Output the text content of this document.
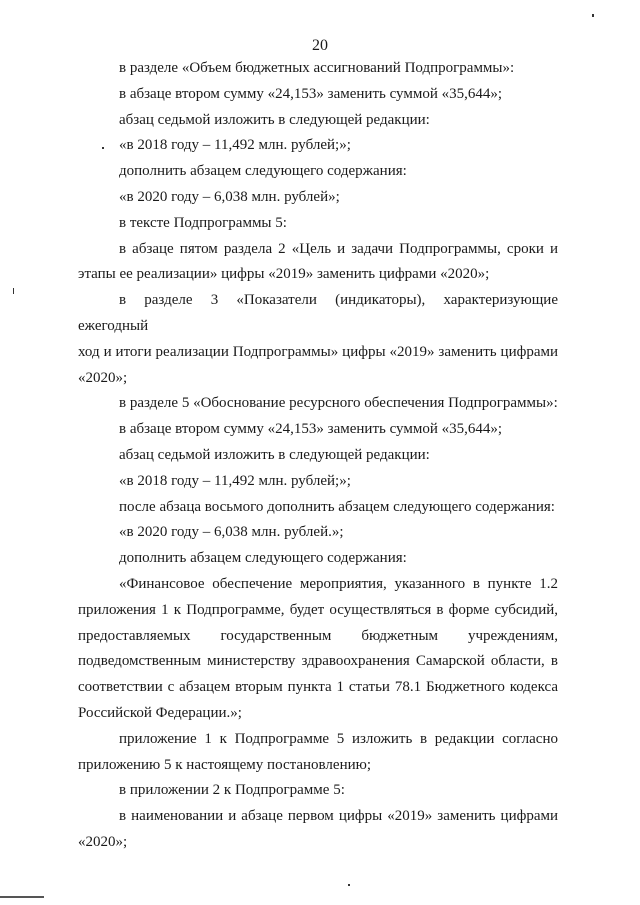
20

в разделе «Объем бюджетных ассигнований Подпрограммы»:

в абзаце втором сумму «24,153» заменить суммой «35,644»;

абзац седьмой изложить в следующей редакции:

«в 2018 году – 11,492 млн. рублей;»;

дополнить абзацем следующего содержания:

«в 2020 году – 6,038 млн. рублей»;

в тексте Подпрограммы 5:

в абзаце пятом раздела 2 «Цель и задачи Подпрограммы, сроки и

этапы ее реализации» цифры «2019» заменить цифрами «2020»;

в разделе 3 «Показатели (индикаторы), характеризующие ежегодный

ход и итоги реализации Подпрограммы» цифры «2019» заменить цифрами

«2020»;

в разделе 5 «Обоснование ресурсного обеспечения Подпрограммы»:

в абзаце втором сумму «24,153» заменить суммой «35,644»;

абзац седьмой изложить в следующей редакции:

«в 2018 году – 11,492 млн. рублей;»;

после абзаца восьмого дополнить абзацем следующего содержания:

«в 2020 году – 6,038 млн. рублей.»;

дополнить абзацем следующего содержания:

«Финансовое обеспечение мероприятия, указанного в пункте 1.2

приложения 1 к Подпрограмме, будет осуществляться в форме субсидий,

предоставляемых государственным бюджетным учреждениям,

подведомственным министерству здравоохранения Самарской области, в

соответствии с абзацем вторым пункта 1 статьи 78.1 Бюджетного кодекса

Российской Федерации.»;

приложение 1 к Подпрограмме 5 изложить в редакции согласно

приложению 5 к настоящему постановлению;

в приложении 2 к Подпрограмме 5:

в наименовании и абзаце первом цифры «2019» заменить цифрами

«2020»;
